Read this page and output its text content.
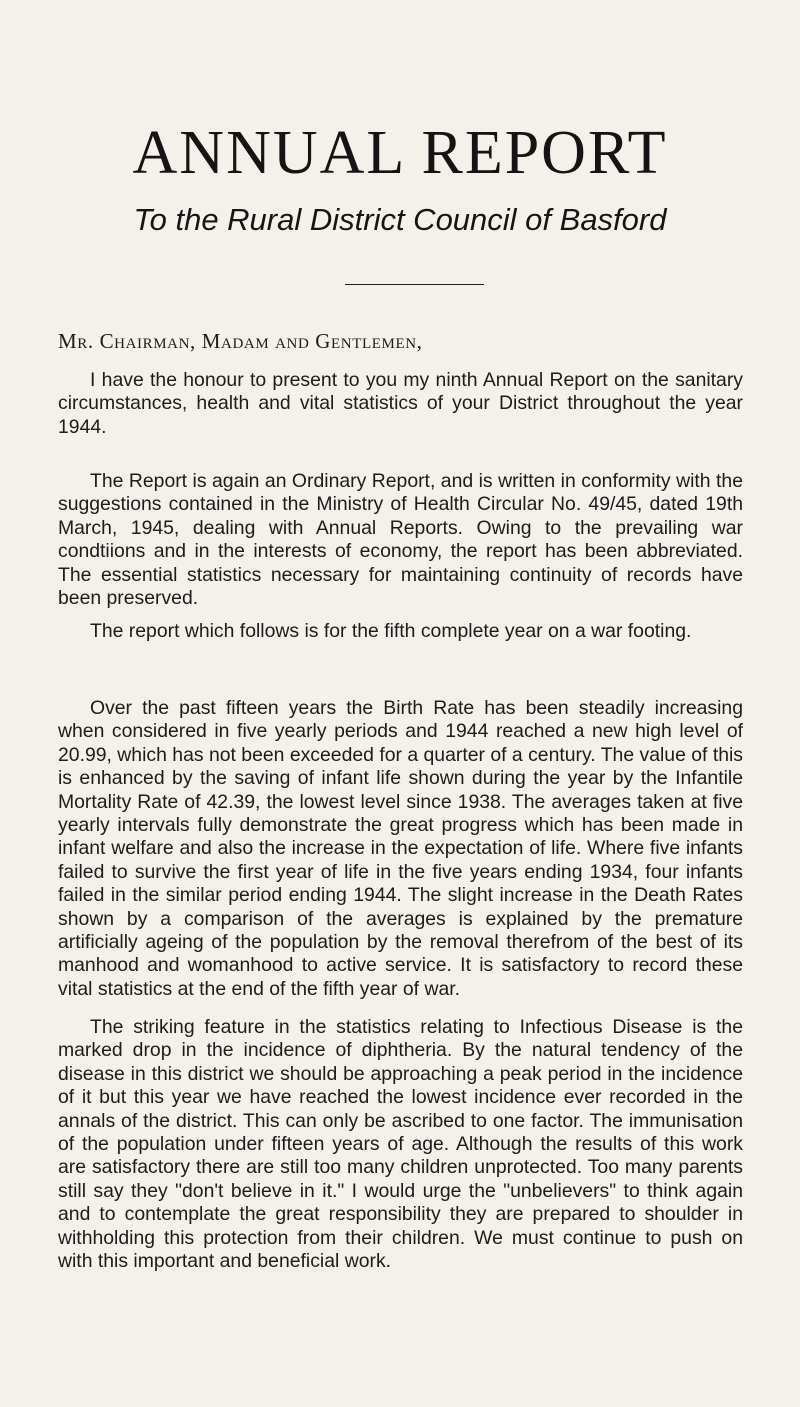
ANNUAL REPORT
To the Rural District Council of Basford
Mr. Chairman, Madam and Gentlemen,

I have the honour to present to you my ninth Annual Report on the sanitary circumstances, health and vital statistics of your District throughout the year 1944.

The Report is again an Ordinary Report, and is written in conformity with the suggestions contained in the Ministry of Health Circular No. 49/45, dated 19th March, 1945, dealing with Annual Reports. Owing to the prevailing war condtiions and in the interests of economy, the report has been abbreviated. The essential statistics necessary for maintaining continuity of records have been preserved.

The report which follows is for the fifth complete year on a war footing.

Over the past fifteen years the Birth Rate has been steadily increasing when considered in five yearly periods and 1944 reached a new high level of 20.99, which has not been exceeded for a quarter of a century. The value of this is enhanced by the saving of infant life shown during the year by the Infantile Mortality Rate of 42.39, the lowest level since 1938. The averages taken at five yearly intervals fully demonstrate the great progress which has been made in infant welfare and also the increase in the expectation of life. Where five infants failed to survive the first year of life in the five years ending 1934, four infants failed in the similar period ending 1944. The slight increase in the Death Rates shown by a comparison of the averages is explained by the premature artificially ageing of the population by the removal therefrom of the best of its manhood and womanhood to active service. It is satisfactory to record these vital statistics at the end of the fifth year of war.

The striking feature in the statistics relating to Infectious Disease is the marked drop in the incidence of diphtheria. By the natural tendency of the disease in this district we should be approaching a peak period in the incidence of it but this year we have reached the lowest incidence ever recorded in the annals of the district. This can only be ascribed to one factor. The immunisation of the population under fifteen years of age. Although the results of this work are satisfactory there are still too many children unprotected. Too many parents still say they "don't believe in it." I would urge the "unbelievers" to think again and to contemplate the great responsibility they are prepared to shoulder in withholding this protection from their children. We must continue to push on with this important and beneficial work.
